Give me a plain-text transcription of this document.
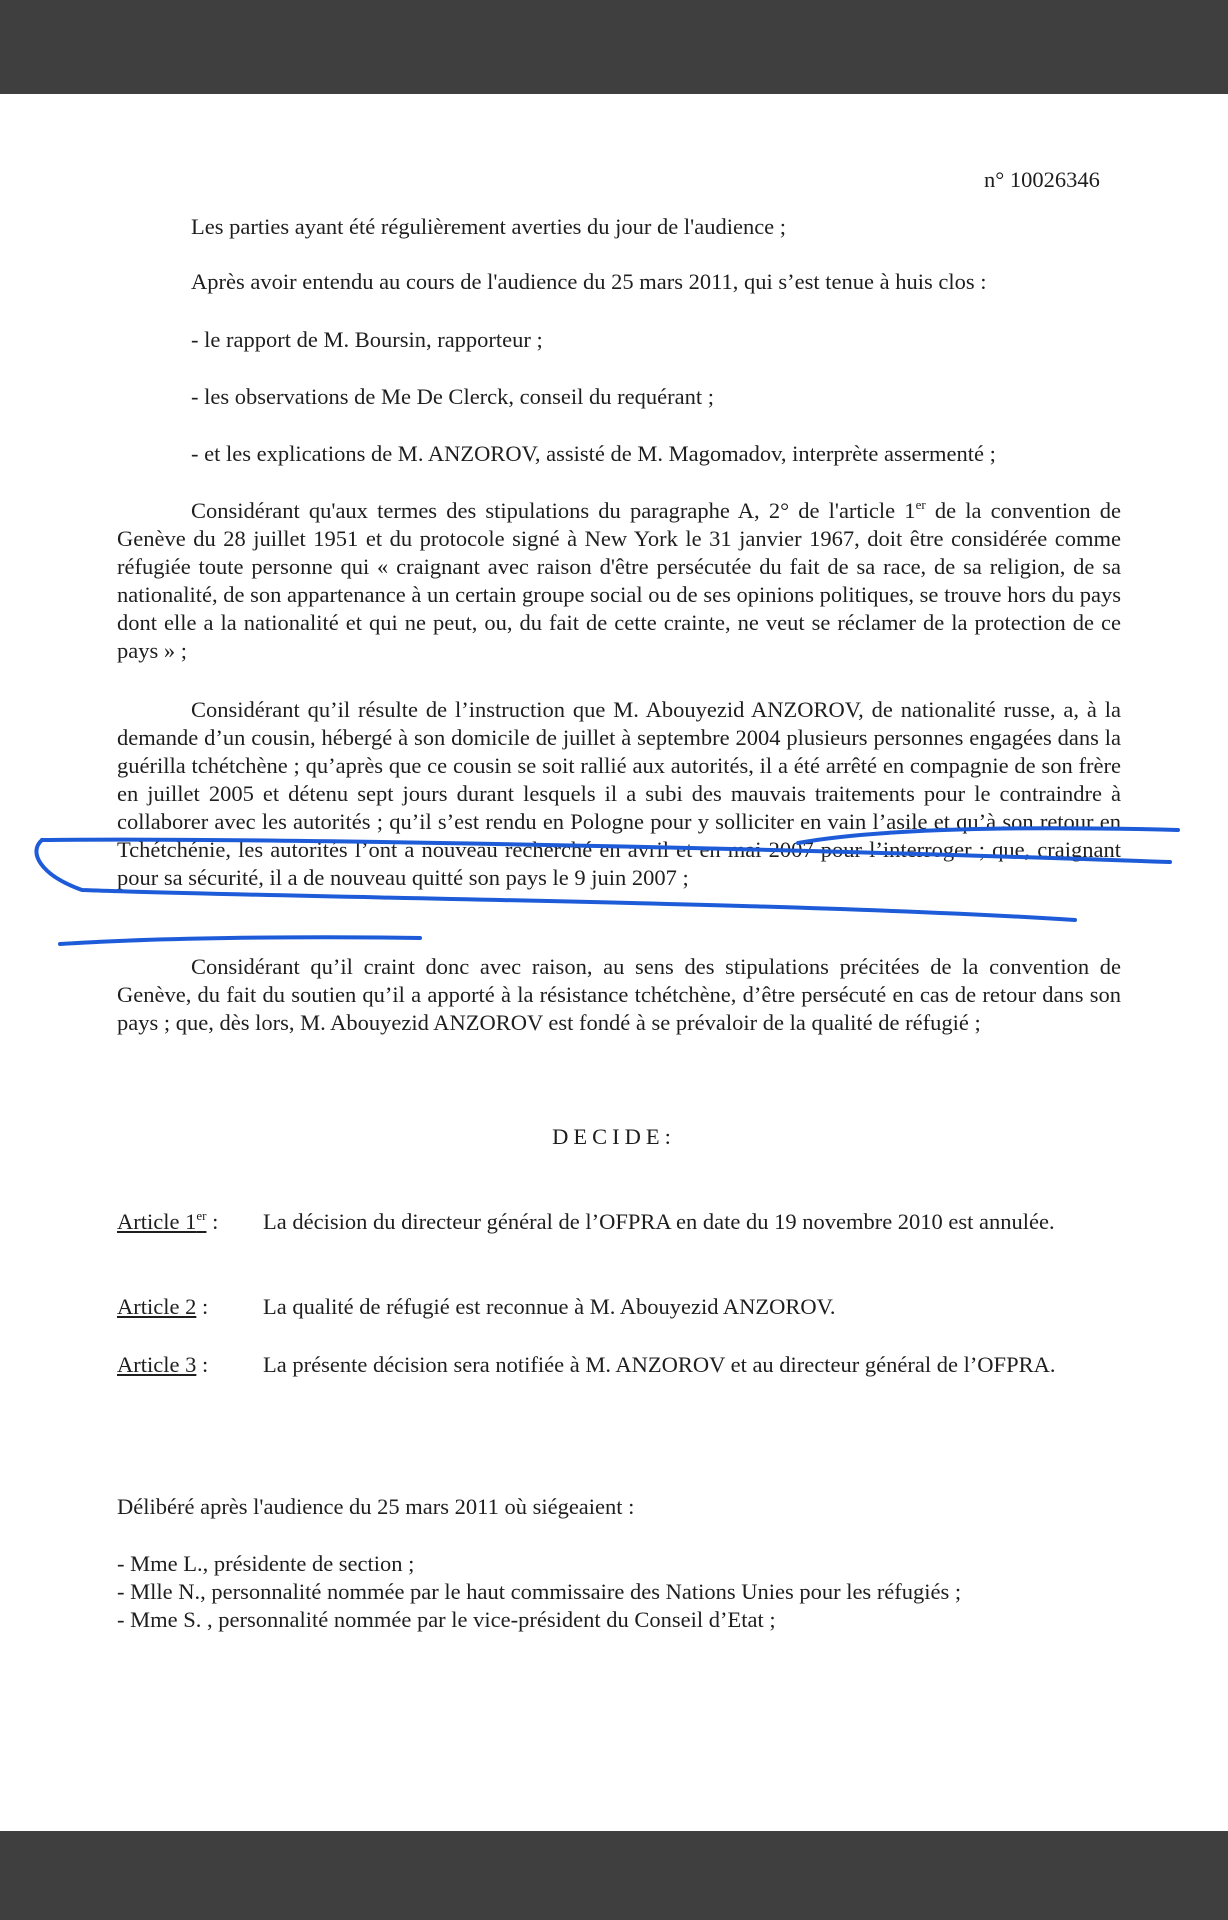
n° 10026346
Les parties ayant été régulièrement averties du jour de l'audience ;
Après avoir entendu au cours de l'audience du 25 mars 2011, qui s’est tenue à huis clos :
- le rapport de M. Boursin, rapporteur ;
- les observations de Me De Clerck, conseil du requérant ;
- et les explications de M. ANZOROV, assisté de M. Magomadov, interprète assermenté ;
Considérant qu'aux termes des stipulations du paragraphe A, 2° de l'article 1er de la convention de Genève du 28 juillet 1951 et du protocole signé à New York le 31 janvier 1967, doit être considérée comme réfugiée toute personne qui « craignant avec raison d'être persécutée du fait de sa race, de sa religion, de sa nationalité, de son appartenance à un certain groupe social ou de ses opinions politiques, se trouve hors du pays dont elle a la nationalité et qui ne peut, ou, du fait de cette crainte, ne veut se réclamer de la protection de ce pays » ;
Considérant qu’il résulte de l’instruction que M. Abouyezid ANZOROV, de nationalité russe, a, à la demande d’un cousin, hébergé à son domicile de juillet à septembre 2004 plusieurs personnes engagées dans la guérilla tchétchène ; qu’après que ce cousin se soit rallié aux autorités, il a été arrêté en compagnie de son frère en juillet 2005 et détenu sept jours durant lesquels il a subi des mauvais traitements pour le contraindre à collaborer avec les autorités ; qu’il s’est rendu en Pologne pour y solliciter en vain l’asile et qu’à son retour en Tchétchénie, les autorités l’ont à nouveau recherché en avril et en mai 2007 pour l’interroger ; que, craignant pour sa sécurité, il a de nouveau quitté son pays le 9 juin 2007 ;
Considérant qu’il craint donc avec raison, au sens des stipulations précitées de la convention de Genève, du fait du soutien qu’il a apporté à la résistance tchétchène, d’être persécuté en cas de retour dans son pays ; que, dès lors, M. Abouyezid ANZOROV est fondé à se prévaloir de la qualité de réfugié ;
DECIDE:
Article 1er :	La décision du directeur général de l’OFPRA en date du 19 novembre 2010 est annulée.
Article 2 :	La qualité de réfugié est reconnue à M. Abouyezid ANZOROV.
Article 3 :	La présente décision sera notifiée à M. ANZOROV et au directeur général de l’OFPRA.
Délibéré après l'audience du 25 mars 2011 où siégeaient :
- Mme L., présidente de section ;
- Mlle N., personnalité nommée par le haut commissaire des Nations Unies pour les réfugiés ;
- Mme S. , personnalité nommée par le vice-président du Conseil d’Etat ;
